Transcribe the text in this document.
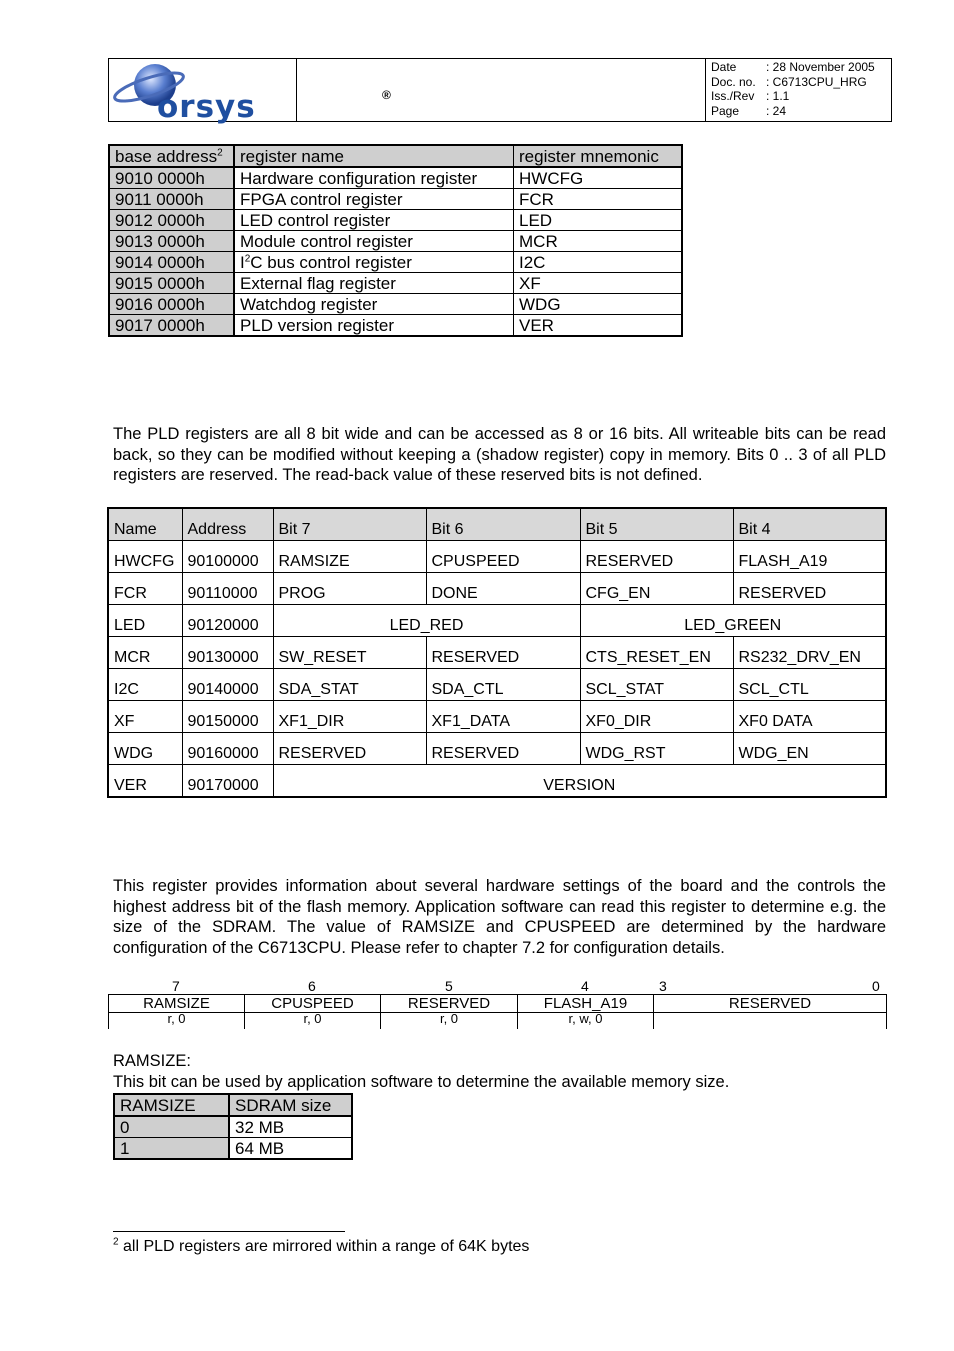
orsys
Date : 28 November 2005
Doc. no. : C6713CPU_HRG
Iss./Rev : 1.1
Page : 24
®
base address$^2$	register name	register mnemonic
9010 0000h	Hardware configuration register	HWCFG
9011 0000h	FPGA control register	FCR
9012 0000h	LED control register	LED
9013 0000h	Module control register	MCR
9014 0000h	$I^2C$ bus control register	I2C
9015 0000h	External flag register	XF
9016 0000h	Watchdog register	WDG
9017 0000h	PLD version register	VER
The PLD registers are all 8 bit wide and can be accessed as 8 or 16 bits. All writeable bits can be read back, so they can be modified without keeping a (shadow register) copy in memory. Bits 0 .. 3 of all PLD registers are reserved. The read-back value of these reserved bits is not defined.
Name	Address	Bit 7	Bit 6	Bit 5	Bit 4
HWCFG	90100000	RAMSIZE	CPUSPEED	RESERVED	FLASH_A19
FCR	90110000	PROG	DONE	CFG_EN	RESERVED
LED	90120000	LED_RED		LED_GREEN	
MCR	90130000	SW_RESET	RESERVED	CTS_RESET_EN	RS232_DRV_EN
I2C	90140000	SDA_STAT	SDA_CTL	SCL_STAT	SCL_CTL
XF	90150000	XF1_DIR	XF1_DATA	XF0_DIR	XF0 DATA
WDG	90160000	RESERVED	RESERVED	WDG_RST	WDG_EN
VER	90170000	VERSION			
This register provides information about several hardware settings of the board and the controls the highest address bit of the flash memory. Application software can read this register to determine e.g. the size of the SDRAM. The value of RAMSIZE and CPUSPEED are determined by the hardware configuration of the C6713CPU. Please refer to chapter 7.2 for configuration details.
7	6	5	4	3	0
RAMSIZE	CPUSPEED	RESERVED	FLASH_A19	RESERVED
r, 0	r, 0	r, 0	r, w, 0
RAMSIZE:
This bit can be used by application software to determine the available memory size.
RAMSIZE	SDRAM size
0	32 MB
1	64 MB
$^2$ all PLD registers are mirrored within a range of 64K bytes
